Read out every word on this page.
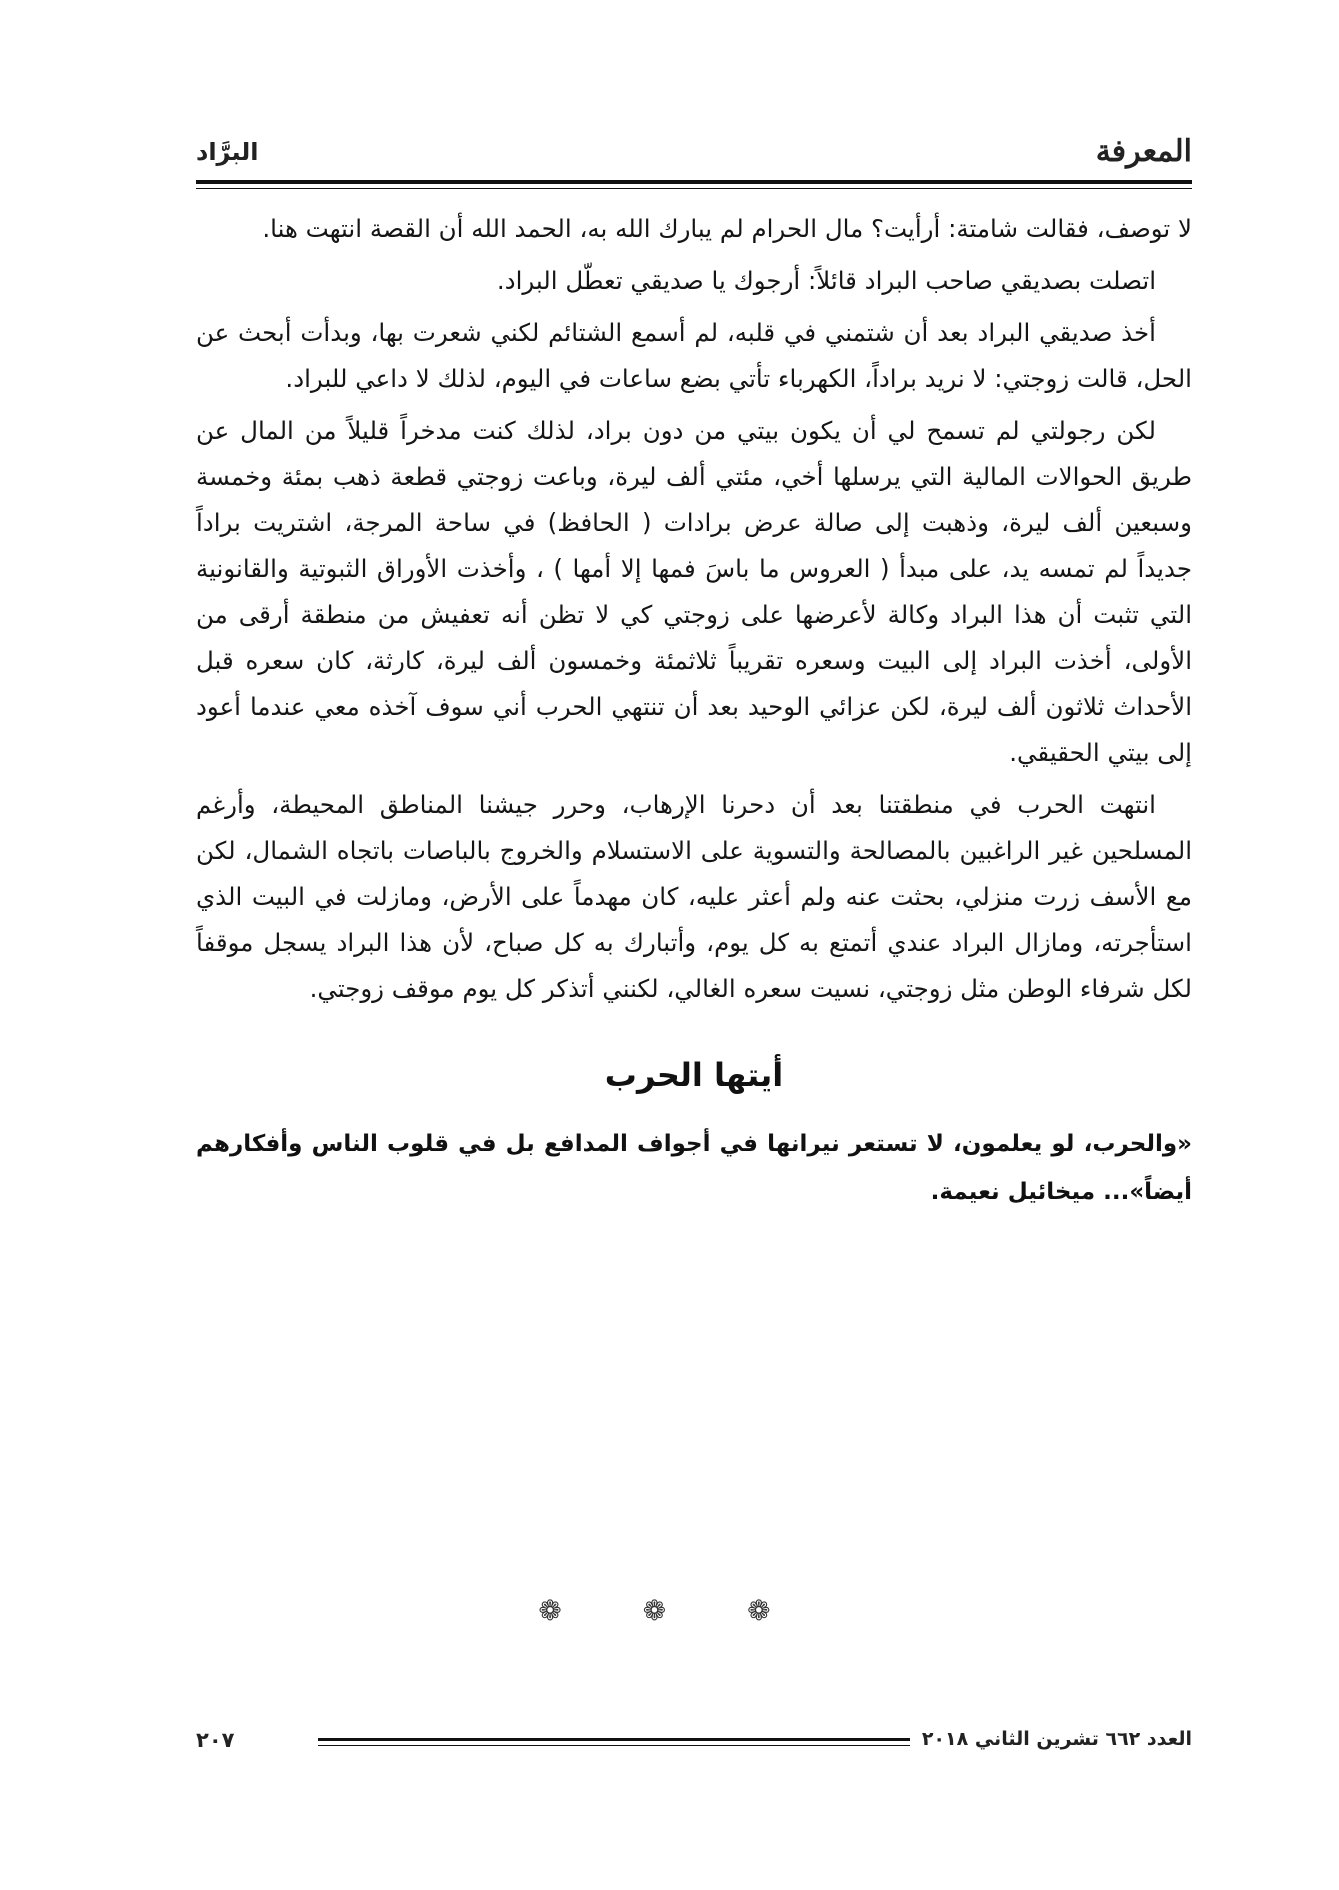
المعرفة
البرَّاد

لا توصف، فقالت شامتة: أرأيت؟ مال الحرام لم يبارك الله به، الحمد الله أن القصة انتهت هنا.

اتصلت بصديقي صاحب البراد قائلاً: أرجوك يا صديقي تعطّل البراد.

أخذ صديقي البراد بعد أن شتمني في قلبه، لم أسمع الشتائم لكني شعرت بها، وبدأت أبحث عن الحل، قالت زوجتي: لا نريد براداً، الكهرباء تأتي بضع ساعات في اليوم، لذلك لا داعي للبراد.

لكن رجولتي لم تسمح لي أن يكون بيتي من دون براد، لذلك كنت مدخراً قليلاً من المال عن طريق الحوالات المالية التي يرسلها أخي، مئتي ألف ليرة، وباعت زوجتي قطعة ذهب بمئة وخمسة وسبعين ألف ليرة، وذهبت إلى صالة عرض برادات ( الحافظ) في ساحة المرجة، اشتريت براداً جديداً لم تمسه يد، على مبدأ ( العروس ما باسَ فمها إلا أمها ) ، وأخذت الأوراق الثبوتية والقانونية التي تثبت أن هذا البراد وكالة لأعرضها على زوجتي كي لا تظن أنه تعفيش من منطقة أرقى من الأولى، أخذت البراد إلى البيت وسعره تقريباً ثلاثمئة وخمسون ألف ليرة، كارثة، كان سعره قبل الأحداث ثلاثون ألف ليرة، لكن عزائي الوحيد بعد أن تنتهي الحرب أني سوف آخذه معي عندما أعود إلى بيتي الحقيقي.

انتهت الحرب في منطقتنا بعد أن دحرنا الإرهاب، وحرر جيشنا المناطق المحيطة، وأرغم المسلحين غير الراغبين بالمصالحة والتسوية على الاستسلام والخروج بالباصات باتجاه الشمال، لكن مع الأسف زرت منزلي، بحثت عنه ولم أعثر عليه، كان مهدماً على الأرض، ومازلت في البيت الذي استأجرته، ومازال البراد عندي أتمتع به كل يوم، وأتبارك به كل صباح، لأن هذا البراد يسجل موقفاً لكل شرفاء الوطن مثل زوجتي، نسيت سعره الغالي، لكنني أتذكر كل يوم موقف زوجتي.

أيتها الحرب

«والحرب، لو يعلمون، لا تستعر نيرانها في أجواف المدافع بل في قلوب الناس وأفكارهم أيضاً»... ميخائيل نعيمة.

❁ ❁ ❁
العدد ٦٦٢ تشرين الثاني ٢٠١٨
٢٠٧
